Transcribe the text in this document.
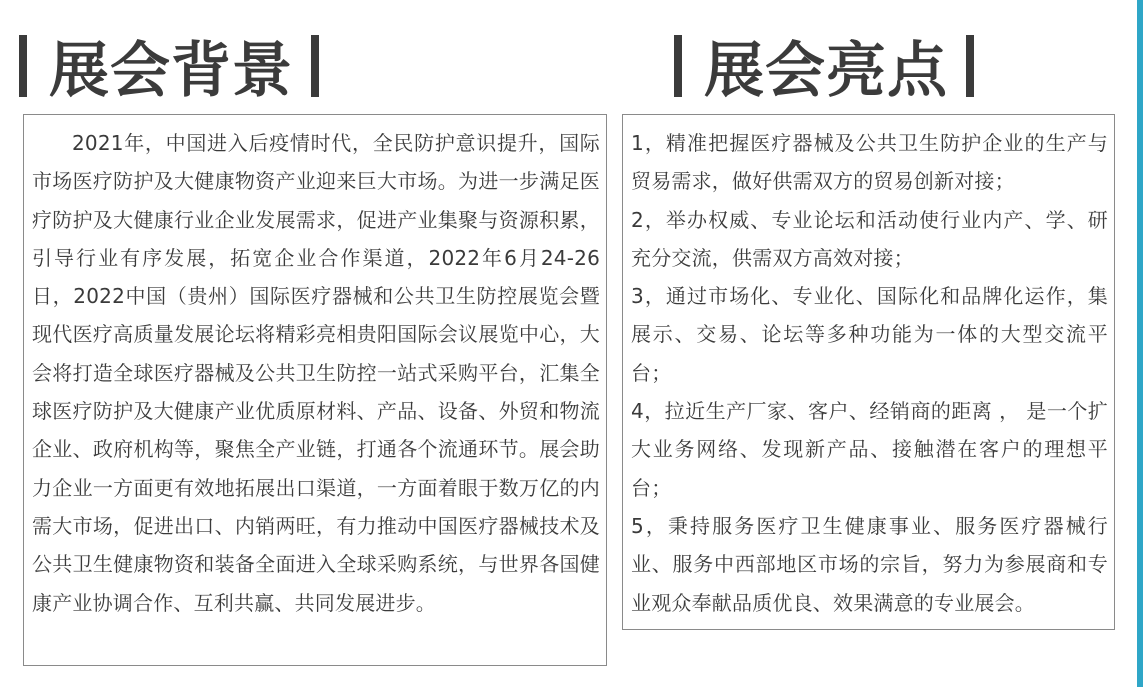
展会背景	展会亮点

2021年，中国进入后疫情时代，全民防护意识提升，国际市场医疗防护及大健康物资产业迎来巨大市场。为进一步满足医疗防护及大健康行业企业发展需求，促进产业集聚与资源积累，引导行业有序发展，拓宽企业合作渠道，2022年6月24-26日，2022中国（贵州）国际医疗器械和公共卫生防控展览会暨现代医疗高质量发展论坛将精彩亮相贵阳国际会议展览中心，大会将打造全球医疗器械及公共卫生防控一站式采购平台，汇集全球医疗防护及大健康产业优质原材料、产品、设备、外贸和物流企业、政府机构等，聚焦全产业链，打通各个流通环节。展会助力企业一方面更有效地拓展出口渠道，一方面着眼于数万亿的内需大市场，促进出口、内销两旺，有力推动中国医疗器械技术及公共卫生健康物资和装备全面进入全球采购系统，与世界各国健康产业协调合作、互利共赢、共同发展进步。

1，精准把握医疗器械及公共卫生防护企业的生产与贸易需求，做好供需双方的贸易创新对接；
2，举办权威、专业论坛和活动使行业内产、学、研充分交流，供需双方高效对接；
3，通过市场化、专业化、国际化和品牌化运作，集展示、交易、论坛等多种功能为一体的大型交流平台；
4，拉近生产厂家、客户、经销商的距离 ， 是一个扩大业务网络、发现新产品、接触潜在客户的理想平台；
5，秉持服务医疗卫生健康事业、服务医疗器械行业、服务中西部地区市场的宗旨，努力为参展商和专业观众奉献品质优良、效果满意的专业展会。
